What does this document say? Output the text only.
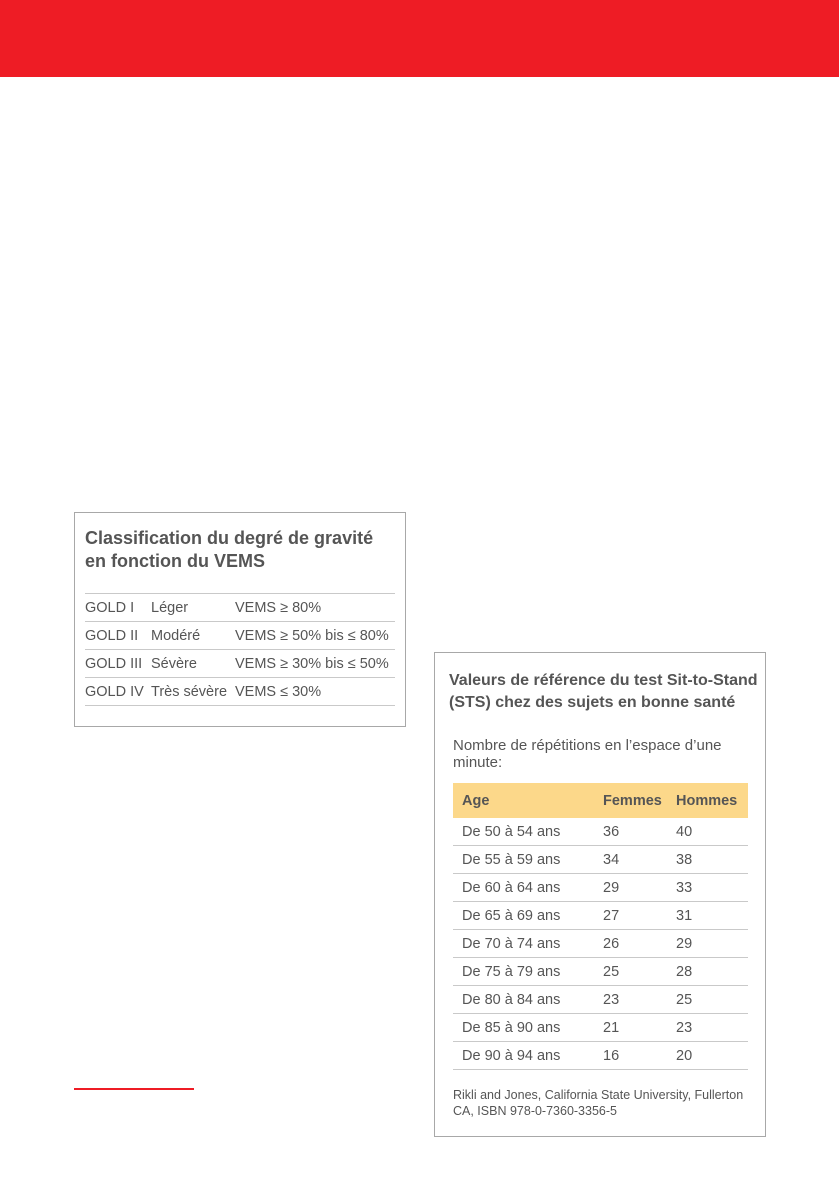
Classification du degré de gravité en fonction du VEMS
GOLD I	Léger	VEMS ≥ 80%
GOLD II	Modéré	VEMS ≥ 50% bis ≤ 80%
GOLD III	Sévère	VEMS ≥ 30% bis ≤ 50%
GOLD IV	Très sévère	VEMS ≤ 30%
Valeurs de référence du test Sit-to-Stand (STS) chez des sujets en bonne santé
Nombre de répétitions en l’espace d’une minute:
Age	Femmes	Hommes
De 50 à 54 ans	36	40
De 55 à 59 ans	34	38
De 60 à 64 ans	29	33
De 65 à 69 ans	27	31
De 70 à 74 ans	26	29
De 75 à 79 ans	25	28
De 80 à 84 ans	23	25
De 85 à 90 ans	21	23
De 90 à 94 ans	16	20
Rikli and Jones, California State University, Fullerton CA, ISBN 978-0-7360-3356-5
